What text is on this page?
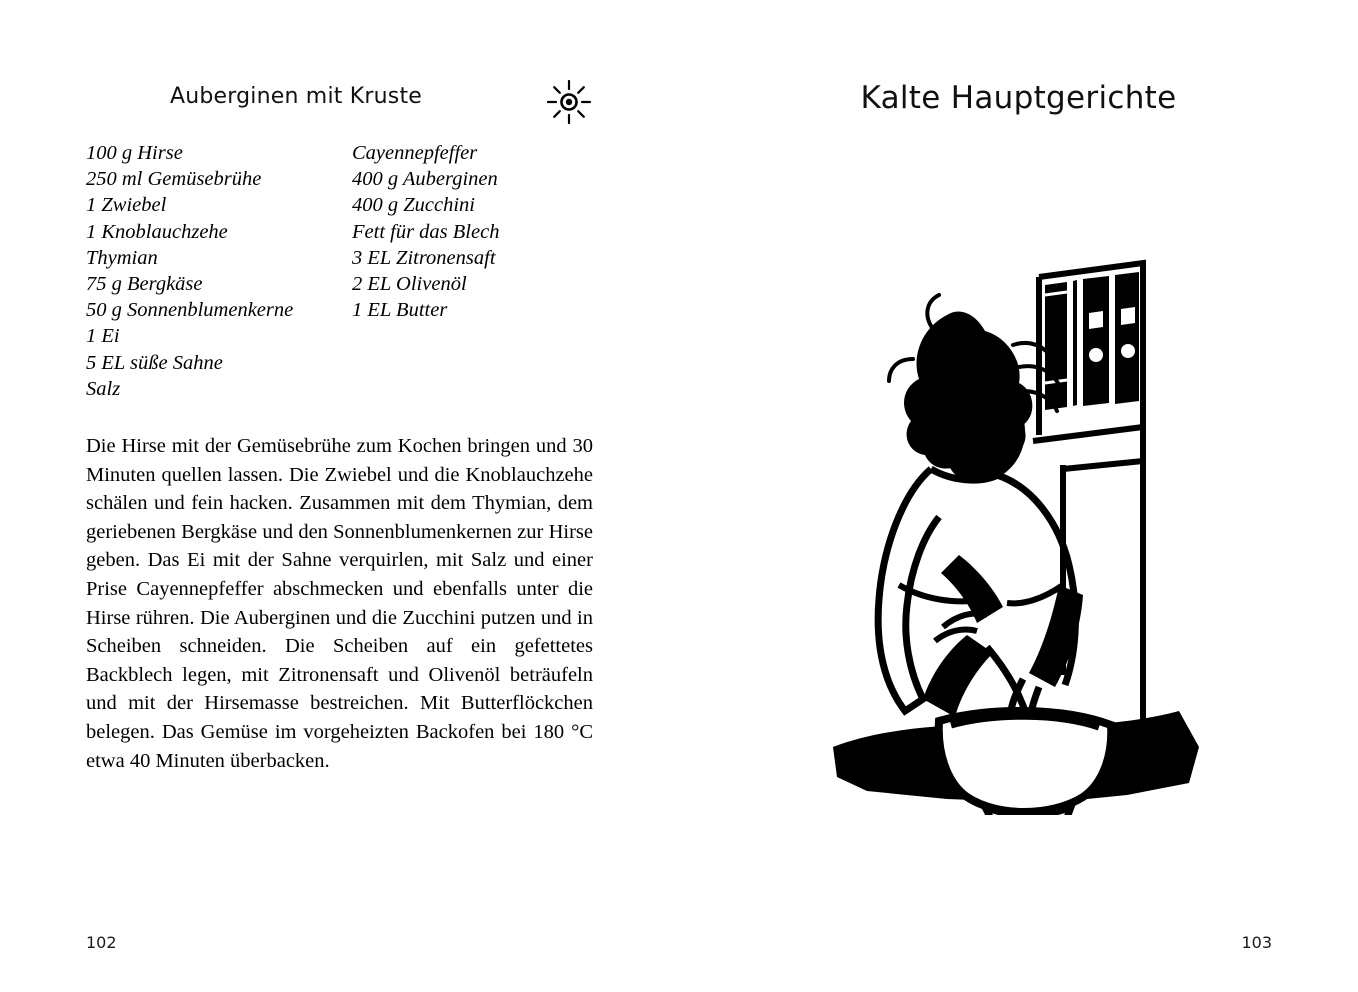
Auberginen mit Kruste
100 g Hirse
250 ml Gemüsebrühe
1 Zwiebel
1 Knoblauchzehe
Thymian
75 g Bergkäse
50 g Sonnenblumenkerne
1 Ei
5 EL süße Sahne
Salz
Cayennepfeffer
400 g Auberginen
400 g Zucchini
Fett für das Blech
3 EL Zitronensaft
2 EL Olivenöl
1 EL Butter

Die Hirse mit der Gemüsebrühe zum Kochen bringen und 30 Minuten quellen lassen. Die Zwiebel und die Knoblauchzehe schälen und fein hacken. Zusammen mit dem Thymian, dem geriebenen Bergkäse und den Sonnenblumenkernen zur Hirse geben. Das Ei mit der Sahne verquirlen, mit Salz und einer Prise Cayennepfeffer abschmecken und ebenfalls unter die Hirse rühren. Die Auberginen und die Zucchini putzen und in Scheiben schneiden. Die Scheiben auf ein gefettetes Backblech legen, mit Zitronensaft und Olivenöl beträufeln und mit der Hirsemasse bestreichen. Mit Butterflöckchen belegen. Das Gemüse im vorgeheizten Backofen bei 180 °C etwa 40 Minuten überbacken.

102
Kalte Hauptgerichte
103
